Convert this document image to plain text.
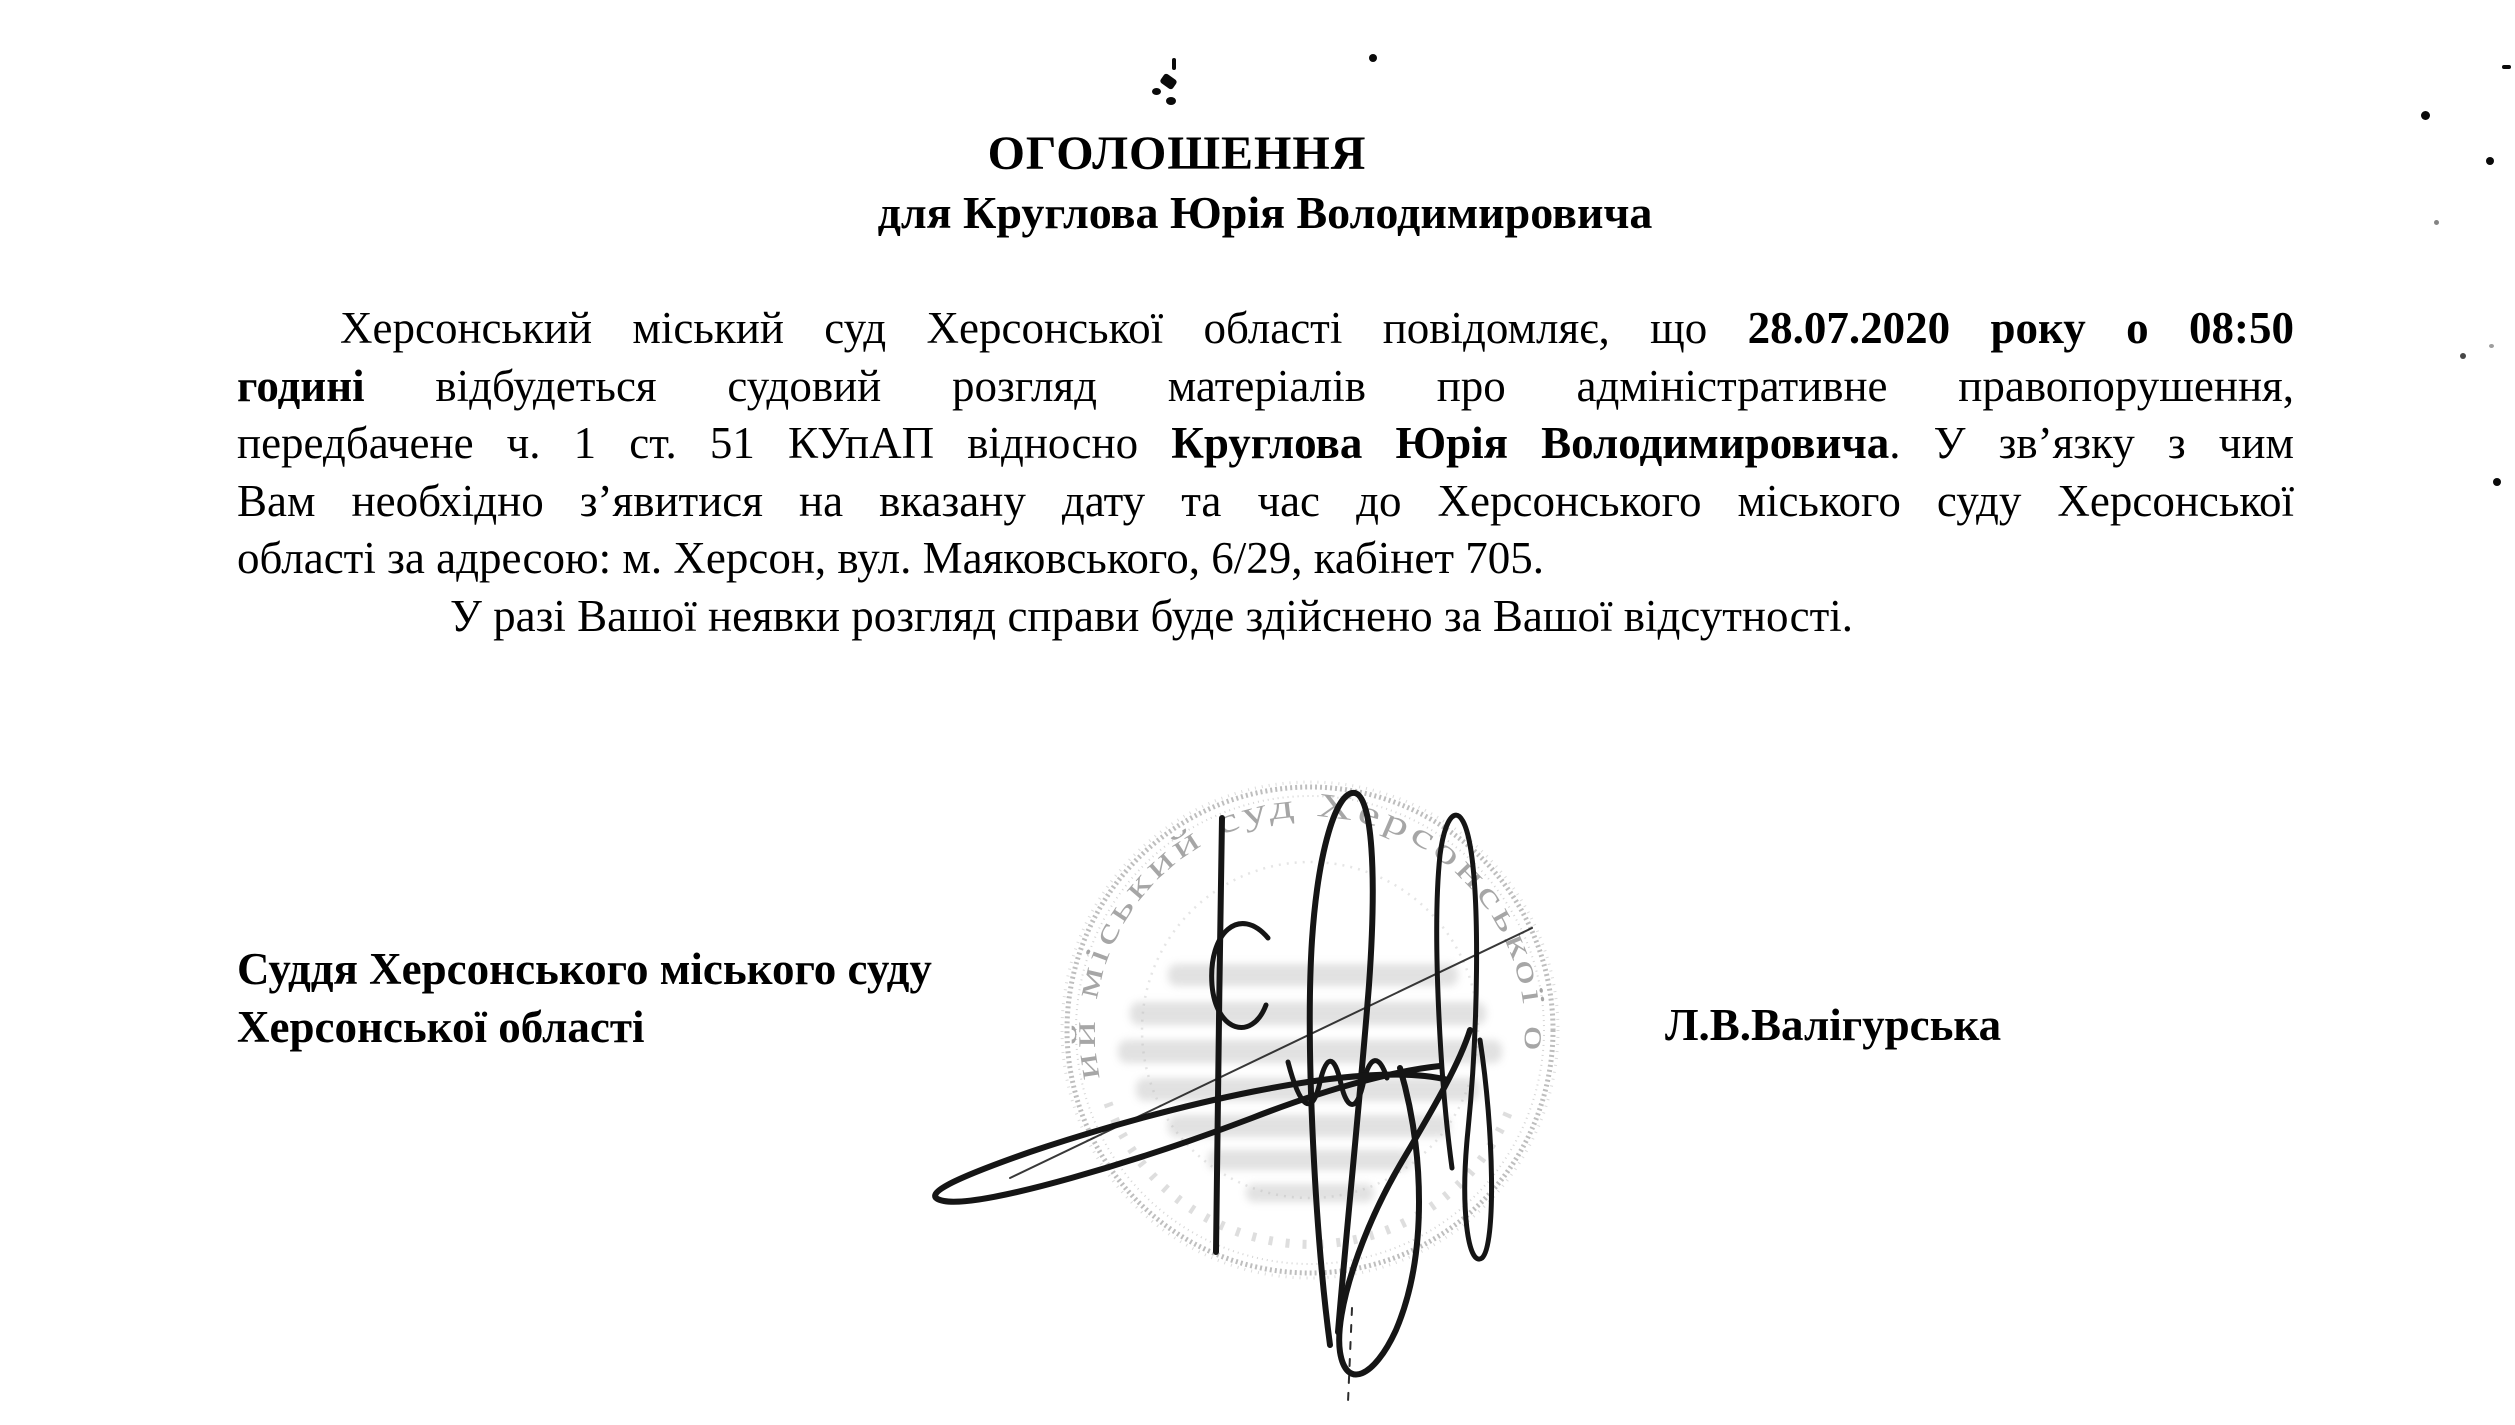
ОГОЛОШЕННЯ
для Круглова Юрія Володимировича
Херсонський міський суд Херсонської області повідомляє, що 28.07.2020 року о 08:50
годині відбудеться судовий розгляд матеріалів про адміністративне правопорушення,
передбачене ч. 1 ст. 51 КУпАП відносно Круглова Юрія Володимировича. У зв’язку з чим
Вам необхідно з’явитися на вказану дату та час до Херсонського міського суду Херсонської
області за адресою: м. Херсон, вул. Маяковського, 6/29, кабінет 705.
У разі Вашої неявки розгляд справи буде здійснено за Вашої відсутності.
ий міський суд Херсонської о
Суддя Херсонського міського суду
Херсонської області	Л.В.Валігурська
